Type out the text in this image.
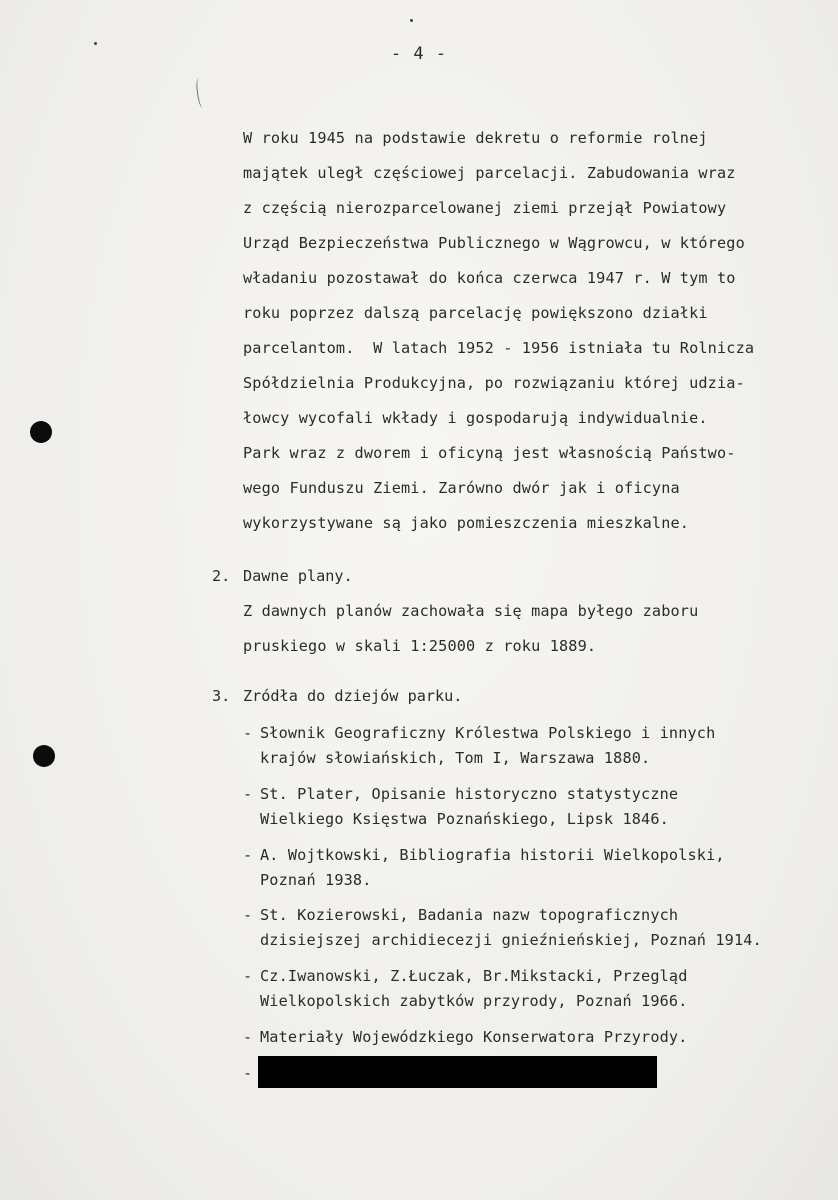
- 4 -
W roku 1945 na podstawie dekretu o reformie rolnej
majątek uległ częściowej parcelacji. Zabudowania wraz
z częścią nierozparcelowanej ziemi przejął Powiatowy
Urząd Bezpieczeństwa Publicznego w Wągrowcu, w którego
władaniu pozostawał do końca czerwca 1947 r. W tym to
roku poprzez dalszą parcelację powiększono działki
parcelantom.  W latach 1952 - 1956 istniała tu Rolnicza
Spółdzielnia Produkcyjna, po rozwiązaniu której udzia-
łowcy wycofali wkłady i gospodarują indywidualnie.
Park wraz z dworem i oficyną jest własnością Państwo-
wego Funduszu Ziemi. Zarówno dwór jak i oficyna
wykorzystywane są jako pomieszczenia mieszkalne.
2. Dawne plany.
Z dawnych planów zachowała się mapa byłego zaboru
pruskiego w skali 1:25000 z roku 1889.
3. Zródła do dziejów parku.
- Słownik Geograficzny Królestwa Polskiego i innych
krajów słowiańskich, Tom I, Warszawa 1880.
- St. Plater, Opisanie historyczno statystyczne
Wielkiego Księstwa Poznańskiego, Lipsk 1846.
- A. Wojtkowski, Bibliografia historii Wielkopolski,
Poznań 1938.
- St. Kozierowski, Badania nazw topograficznych
dzisiejszej archidiecezji gnieźnieńskiej, Poznań 1914.
- Cz.Iwanowski, Z.Łuczak, Br.Mikstacki, Przegląd
Wielkopolskich zabytków przyrody, Poznań 1966.
- Materiały Wojewódzkiego Konserwatora Przyrody.
-
